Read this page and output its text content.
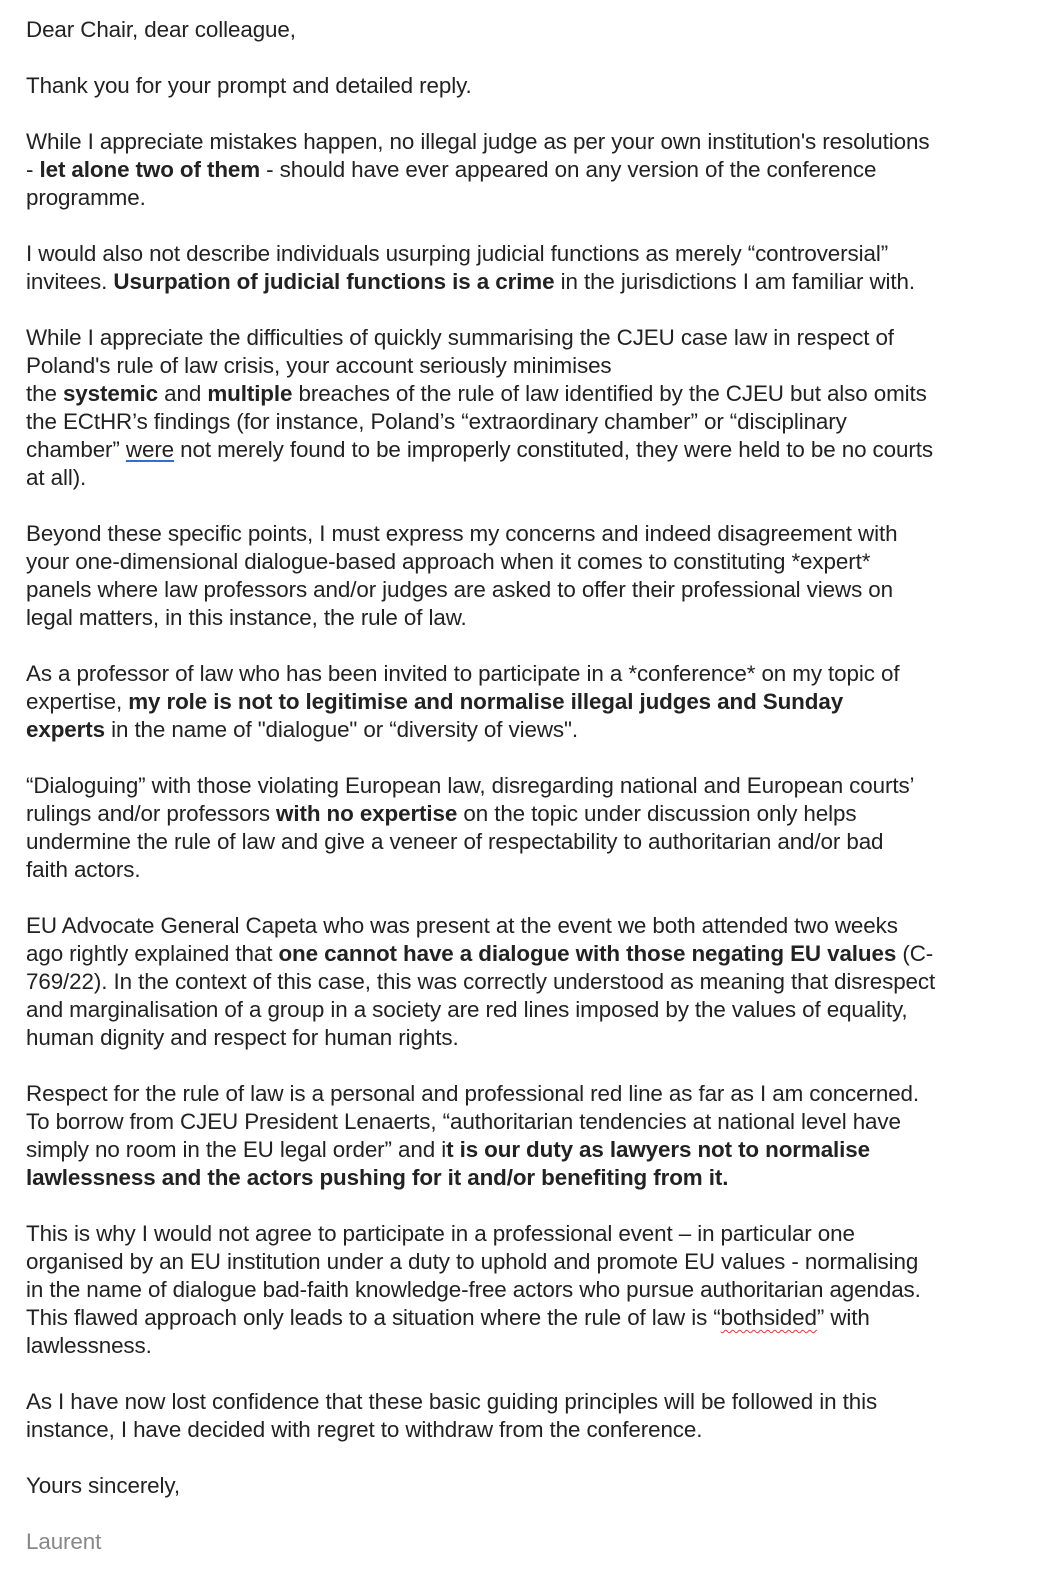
Dear Chair, dear colleague,

Thank you for your prompt and detailed reply.

While I appreciate mistakes happen, no illegal judge as per your own institution's resolutions
- let alone two of them - should have ever appeared on any version of the conference
programme.

I would also not describe individuals usurping judicial functions as merely “controversial”
invitees. Usurpation of judicial functions is a crime in the jurisdictions I am familiar with.

While I appreciate the difficulties of quickly summarising the CJEU case law in respect of
Poland's rule of law crisis, your account seriously minimises
the systemic and multiple breaches of the rule of law identified by the CJEU but also omits
the ECtHR’s findings (for instance, Poland’s “extraordinary chamber” or “disciplinary
chamber” were not merely found to be improperly constituted, they were held to be no courts
at all).

Beyond these specific points, I must express my concerns and indeed disagreement with
your one-dimensional dialogue-based approach when it comes to constituting *expert*
panels where law professors and/or judges are asked to offer their professional views on
legal matters, in this instance, the rule of law.

As a professor of law who has been invited to participate in a *conference* on my topic of
expertise, my role is not to legitimise and normalise illegal judges and Sunday
experts in the name of "dialogue" or “diversity of views".

“Dialoguing” with those violating European law, disregarding national and European courts’
rulings and/or professors with no expertise on the topic under discussion only helps
undermine the rule of law and give a veneer of respectability to authoritarian and/or bad
faith actors.

EU Advocate General Capeta who was present at the event we both attended two weeks
ago rightly explained that one cannot have a dialogue with those negating EU values (C-
769/22). In the context of this case, this was correctly understood as meaning that disrespect
and marginalisation of a group in a society are red lines imposed by the values of equality,
human dignity and respect for human rights.

Respect for the rule of law is a personal and professional red line as far as I am concerned.
To borrow from CJEU President Lenaerts, “authoritarian tendencies at national level have
simply no room in the EU legal order” and it is our duty as lawyers not to normalise
lawlessness and the actors pushing for it and/or benefiting from it.

This is why I would not agree to participate in a professional event – in particular one
organised by an EU institution under a duty to uphold and promote EU values - normalising
in the name of dialogue bad-faith knowledge-free actors who pursue authoritarian agendas.
This flawed approach only leads to a situation where the rule of law is “bothsided” with
lawlessness.

As I have now lost confidence that these basic guiding principles will be followed in this
instance, I have decided with regret to withdraw from the conference.

Yours sincerely,

Laurent
